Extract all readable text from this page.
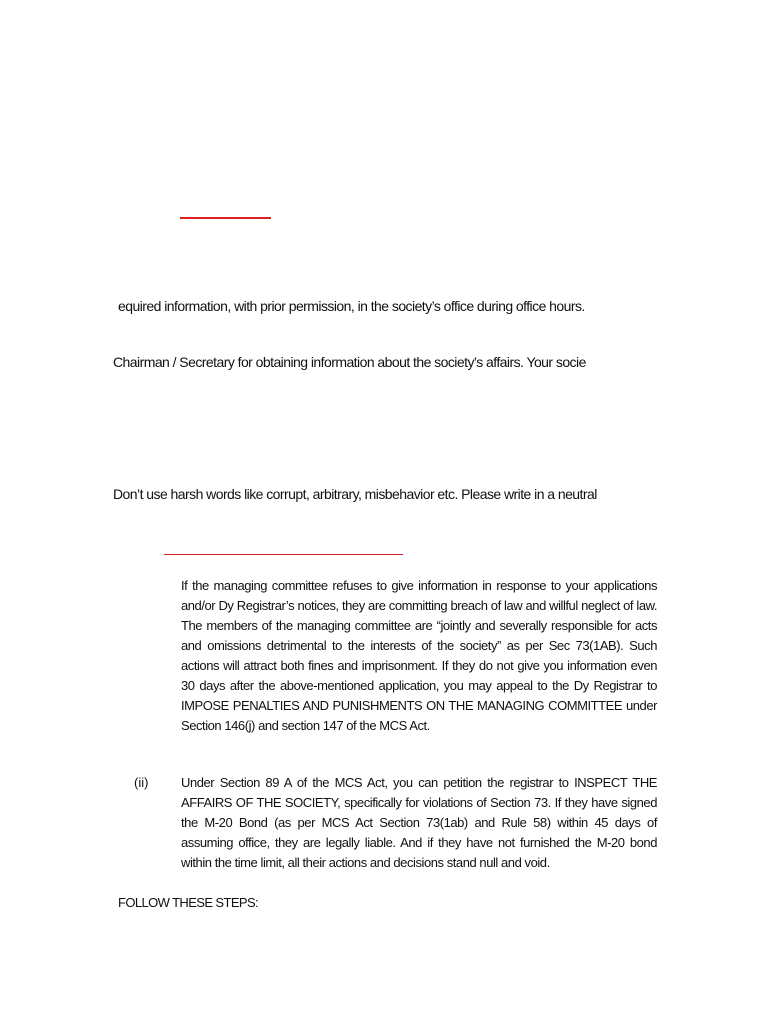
equired information, with prior permission, in the society’s office during office hours.
Chairman / Secretary for obtaining information about the society’s affairs. Your socie
Don’t use harsh words like corrupt, arbitrary, misbehavior etc. Please write in a neutral
If the managing committee refuses to give information in response to your applications and/or Dy Registrar’s notices, they are committing breach of law and willful neglect of law. The members of the managing committee are “jointly and severally responsible for acts and omissions detrimental to the interests of the society” as per Sec 73(1AB). Such actions will attract both fines and imprisonment. If they do not give you information even 30 days after the above-mentioned application, you may appeal to the Dy Registrar to IMPOSE PENALTIES AND PUNISHMENTS ON THE MANAGING COMMITTEE under Section 146(j) and section 147 of the MCS Act.
(ii)	Under Section 89 A of the MCS Act, you can petition the registrar to INSPECT THE AFFAIRS OF THE SOCIETY, specifically for violations of Section 73. If they have signed the M-20 Bond (as per MCS Act Section 73(1ab) and Rule 58) within 45 days of assuming office, they are legally liable. And if they have not furnished the M-20 bond within the time limit, all their actions and decisions stand null and void.
FOLLOW THESE STEPS:
